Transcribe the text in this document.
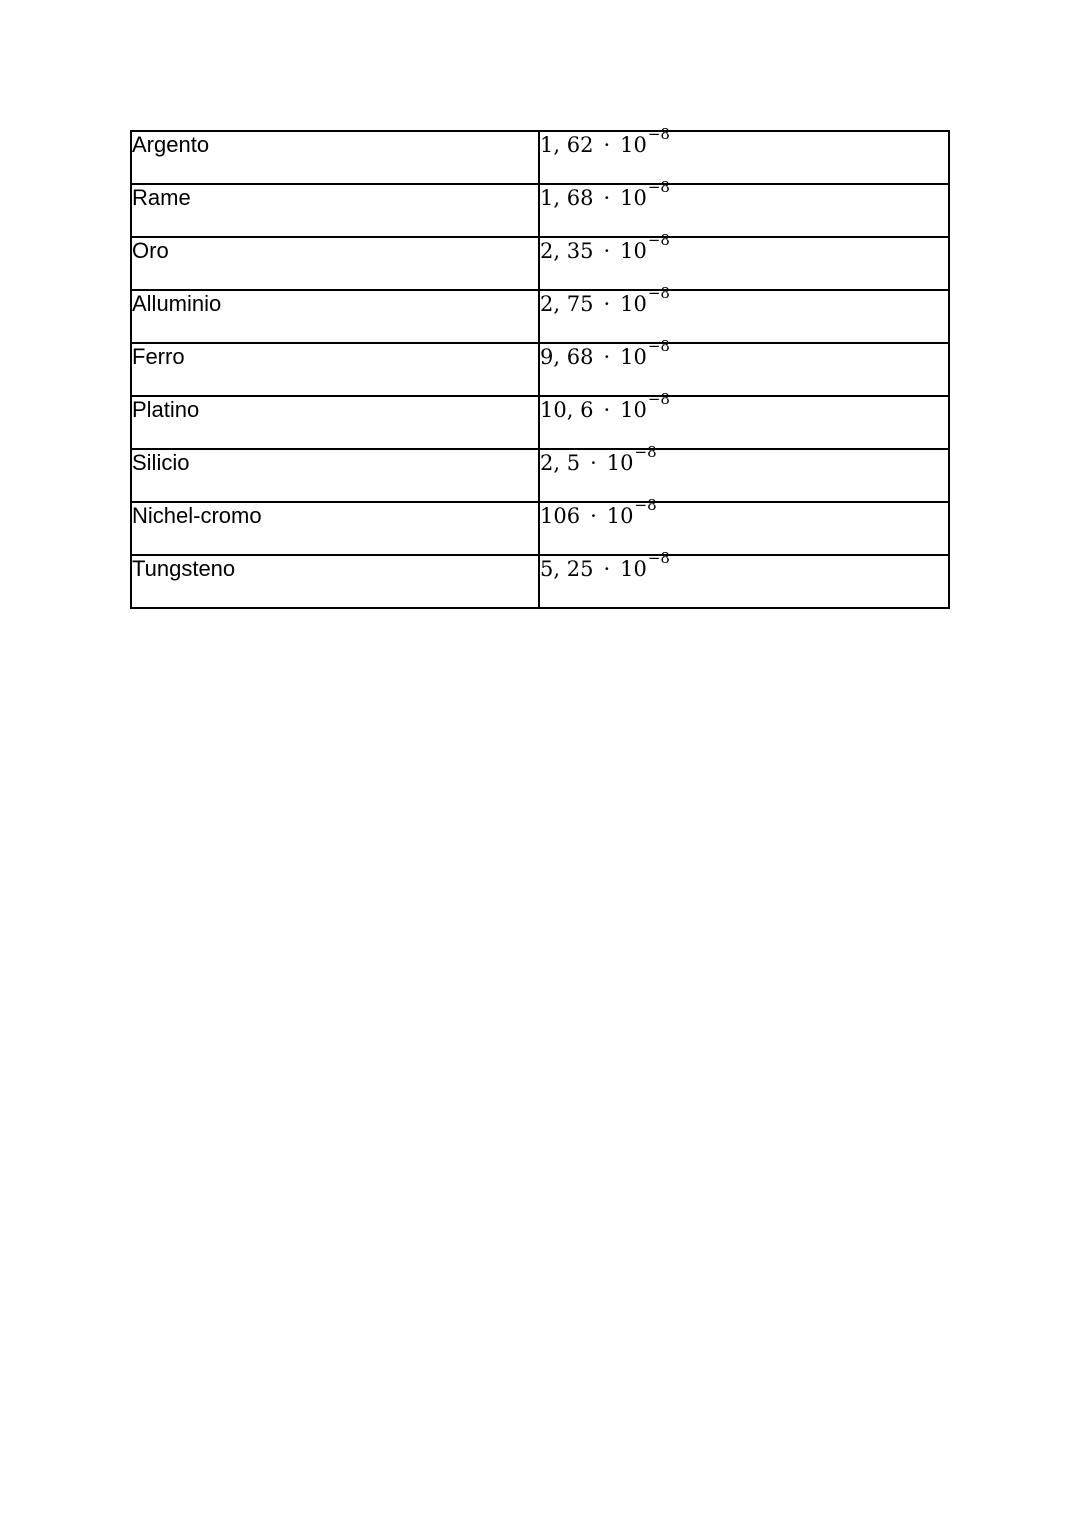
Argento	1, 62 · 10−8
Rame	1, 68 · 10−8
Oro	2, 35 · 10−8
Alluminio	2, 75 · 10−8
Ferro	9, 68 · 10−8
Platino	10, 6 · 10−8
Silicio	2, 5 · 10−8
Nichel-cromo	106 · 10−8
Tungsteno	5, 25 · 10−8
